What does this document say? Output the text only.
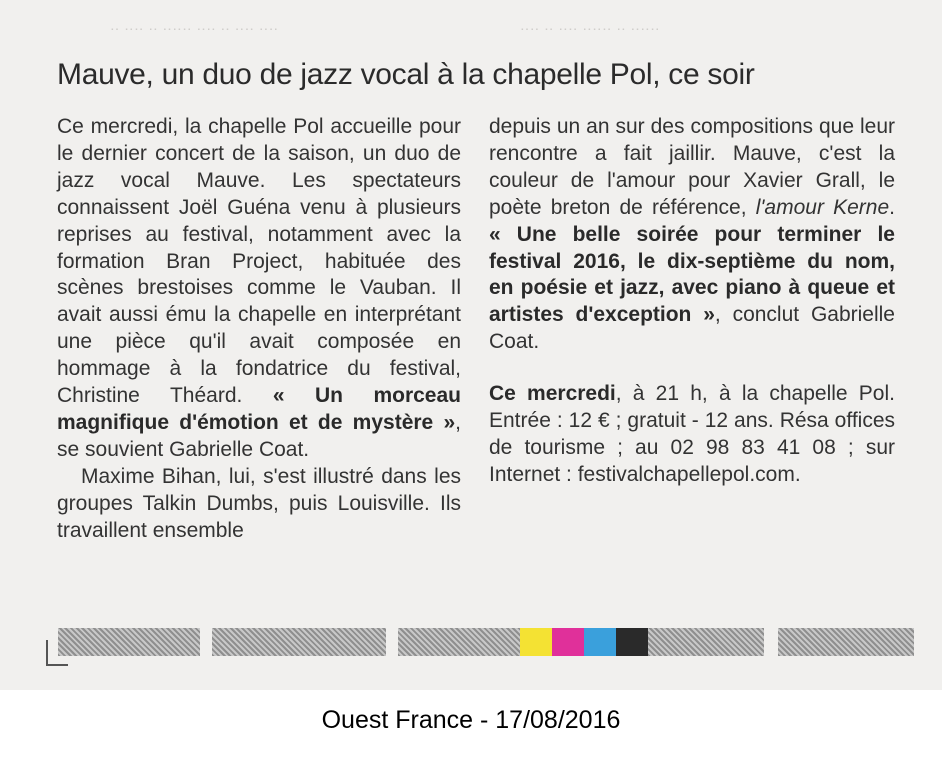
‥ ‥‥ ‥ ‥‥‥ ‥‥ ‥ ‥‥ ‥‥	‥‥ ‥ ‥‥ ‥‥‥ ‥ ‥‥‥
Mauve, un duo de jazz vocal à la chapelle Pol, ce soir

Ce mercredi, la chapelle Pol accueille pour le dernier concert de la saison, un duo de jazz vocal Mauve. Les spectateurs connaissent Joël Guéna venu à plusieurs reprises au festival, notamment avec la formation Bran Project, habituée des scènes brestoises comme le Vauban. Il avait aussi ému la chapelle en interprétant une pièce qu'il avait composée en hommage à la fondatrice du festival, Christine Théard. « Un morceau magnifique d'émotion et de mystère », se souvient Gabrielle Coat.

Maxime Bihan, lui, s'est illustré dans les groupes Talkin Dumbs, puis Louisville. Ils travaillent ensemble

depuis un an sur des compositions que leur rencontre a fait jaillir. Mauve, c'est la couleur de l'amour pour Xavier Grall, le poète breton de référence, l'amour Kerne. « Une belle soirée pour terminer le festival 2016, le dix-septième du nom, en poésie et jazz, avec piano à queue et artistes d'exception », conclut Gabrielle Coat.

Ce mercredi, à 21 h, à la chapelle Pol. Entrée : 12 € ; gratuit - 12 ans. Résa offices de tourisme ; au 02 98 83 41 08 ; sur Internet : festivalchapellepol.com.

Ouest France - 17/08/2016
